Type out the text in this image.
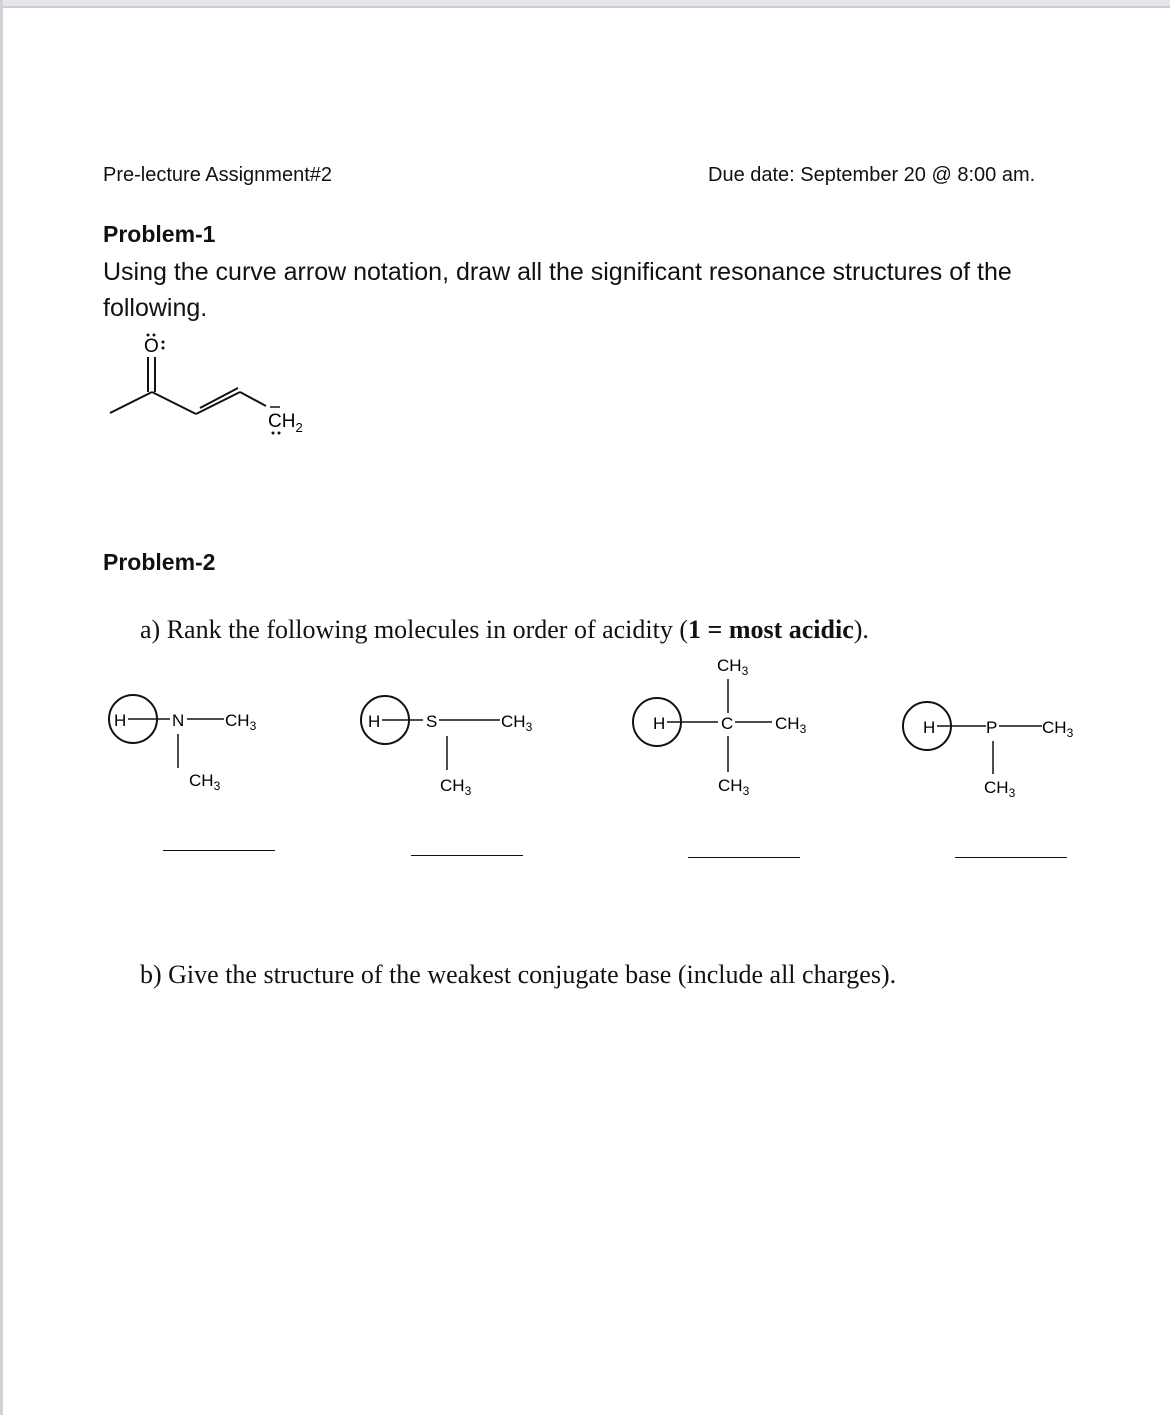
Pre-lecture Assignment#2	Due date: September 20 @ 8:00 am.
Problem-1
Using the curve arrow notation, draw all the significant resonance structures of the following.
O
$CH_2$
Problem-2
a) Rank the following molecules in order of acidity (1 = most acidic).
H	N $CH_3$
$CH_3$
H	S	$CH_3$
$CH_3$
$CH_3$
H	C $CH_3$
$CH_3$
H	P	$CH_3$
$CH_3$
b) Give the structure of the weakest conjugate base (include all charges).
